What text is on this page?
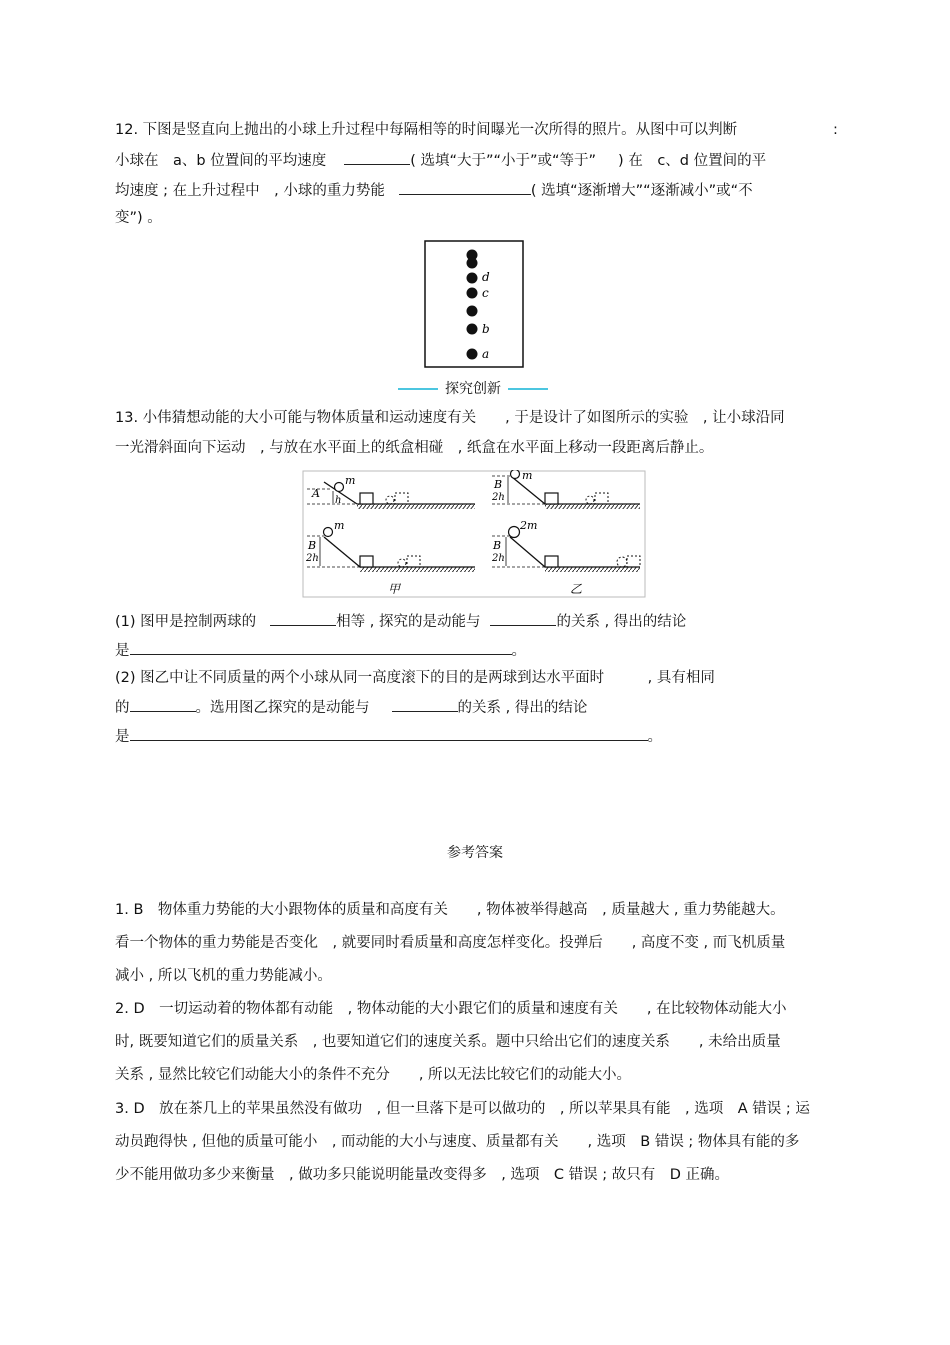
12. 下图是竖直向上抛出的小球上升过程中每隔相等的时间曝光一次所得的照片。从图中可以判断	:
小球在　a、b 位置间的平均速度	( 选填“大于”“小于”或“等于” ) 在　c、d 位置间的平
均速度 ; 在上升过程中　, 小球的重力势能	( 选填“逐渐增大”“逐渐减小”或“不
变”) 。
d
c
b
a
探究创新
13. 小伟猜想动能的大小可能与物体质量和运动速度有关　　, 于是设计了如图所示的实验　, 让小球沿同
一光滑斜面向下运动　, 与放在水平面上的纸盒相碰　, 纸盒在水平面上移动一段距离后静止。
A
h
m
B
2h
m
B
2h
m
B
2h
2m
甲	乙
(1) 图甲是控制两球的	相等 , 探究的是动能与	的关系 , 得出的结论
是	。
(2) 图乙中让不同质量的两个小球从同一高度滚下的目的是两球到达水平面时　　　, 具有相同
的	。选用图乙探究的是动能与	的关系 , 得出的结论
是	。
参考答案
1. B　物体重力势能的大小跟物体的质量和高度有关　　, 物体被举得越高　, 质量越大 , 重力势能越大。
看一个物体的重力势能是否变化　, 就要同时看质量和高度怎样变化。投弹后　　, 高度不变 , 而飞机质量
减小 , 所以飞机的重力势能减小。
2. D　一切运动着的物体都有动能　, 物体动能的大小跟它们的质量和速度有关　　, 在比较物体动能大小
时, 既要知道它们的质量关系　, 也要知道它们的速度关系。题中只给出它们的速度关系　　, 未给出质量
关系 , 显然比较它们动能大小的条件不充分　　, 所以无法比较它们的动能大小。
3. D　放在茶几上的苹果虽然没有做功　, 但一旦落下是可以做功的　, 所以苹果具有能　, 选项　A 错误 ; 运
动员跑得快 , 但他的质量可能小　, 而动能的大小与速度、质量都有关　　, 选项　B 错误 ; 物体具有能的多
少不能用做功多少来衡量　, 做功多只能说明能量改变得多　, 选项　C 错误 ; 故只有　D 正确。
